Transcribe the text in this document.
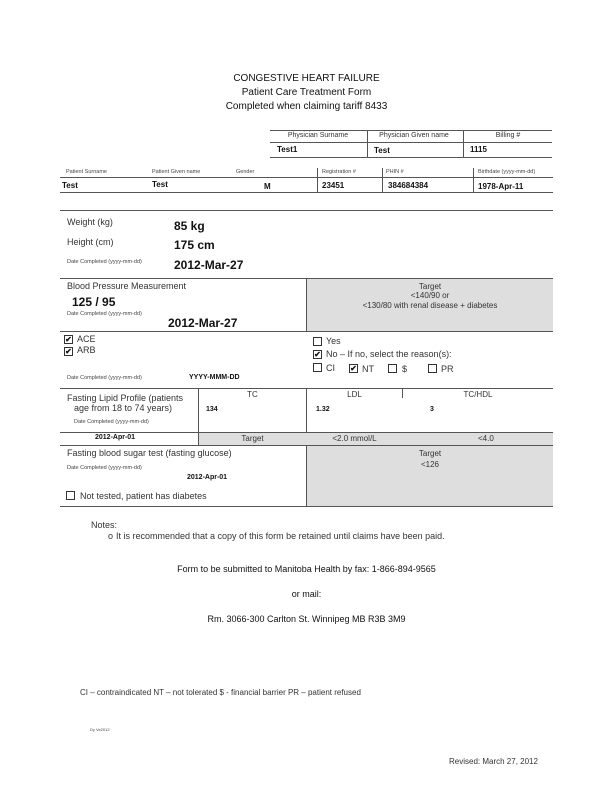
CONGESTIVE HEART FAILURE
Patient Care Treatment Form
Completed when claiming tariff 8433
Physician Surname	Physician Given name	Billing #
Test1	Test	1115
Patient Surname	Patient Given name	Gender	Registration #	PHIN #	Birthdate (yyyy-mm-dd)
Test	Test	M	23451	384684384	1978-Apr-11
Weight (kg)	85 kg
Height (cm)	175 cm
Date Completed (yyyy-mm-dd)	2012-Mar-27
Blood Pressure Measurement
125 / 95
Date Completed (yyyy-mm-dd)
2012-Mar-27
Target
<140/90 or
<130/80 with renal disease + diabetes
✔ ACE
✔ ARB
Yes
✔ No – If no, select the reason(s):
CI ✔ NT	$	PR
Date Completed (yyyy-mm-dd)	YYYY-MMM-DD
TC	LDL	TC/HDL
Fasting Lipid Profile (patients
age from 18 to 74 years)	134	1.32	3
Date Completed (yyyy-mm-dd)
2012-Apr-01	Target	<2.0 mmol/L	<4.0
Fasting blood sugar test (fasting glucose)	Target
<126
Date Completed (yyyy-mm-dd)
2012-Apr-01
Not tested, patient has diabetes
Notes:
o It is recommended that a copy of this form be retained until claims have been paid.
Form to be submitted to Manitoba Health by fax: 1-866-894-9565
or mail:
Rm. 3066-300 Carlton St. Winnipeg MB R3B 3M9
CI – contraindicated NT – not tolerated $ - financial barrier PR – patient refused
Dy Ve2012
Revised: March 27, 2012
